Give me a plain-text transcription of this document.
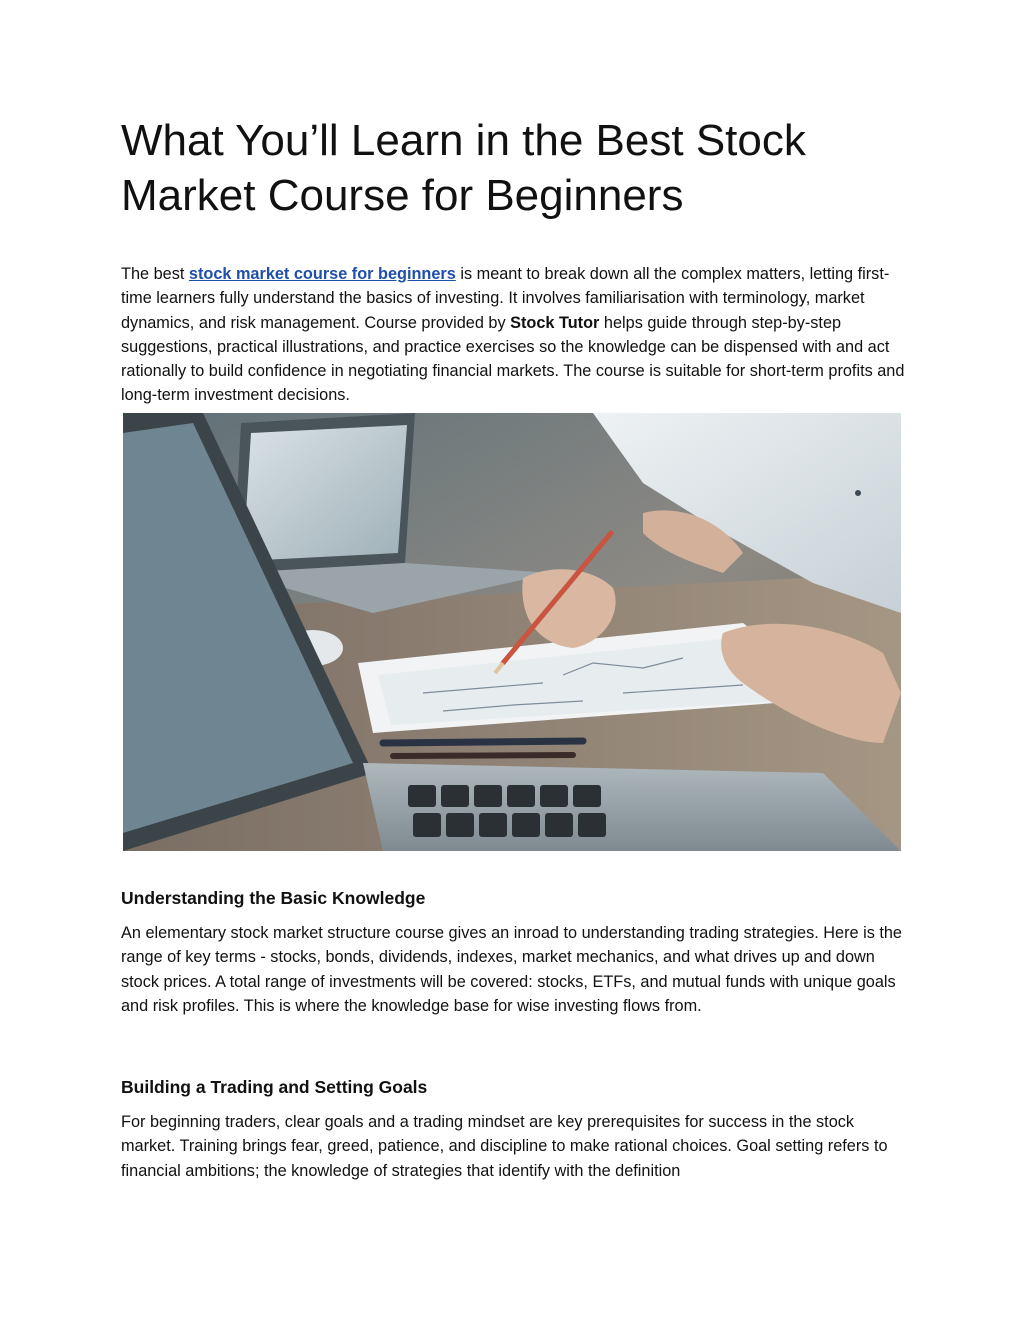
What You’ll Learn in the Best Stock
Market Course for Beginners

The best stock market course for beginners is meant to break down all the complex matters, letting first-time learners fully understand the basics of investing. It involves familiarisation with terminology, market dynamics, and risk management. Course provided by Stock Tutor helps guide through step-by-step suggestions, practical illustrations, and practice exercises so the knowledge can be dispensed with and act rationally to build confidence in negotiating financial markets. The course is suitable for short-term profits and long-term investment decisions.

Understanding the Basic Knowledge

An elementary stock market structure course gives an inroad to understanding trading strategies. Here is the range of key terms - stocks, bonds, dividends, indexes, market mechanics, and what drives up and down stock prices. A total range of investments will be covered: stocks, ETFs, and mutual funds with unique goals and risk profiles. This is where the knowledge base for wise investing flows from.

Building a Trading and Setting Goals

For beginning traders, clear goals and a trading mindset are key prerequisites for success in the stock market. Training brings fear, greed, patience, and discipline to make rational choices. Goal setting refers to financial ambitions; the knowledge of strategies that identify with the definition
